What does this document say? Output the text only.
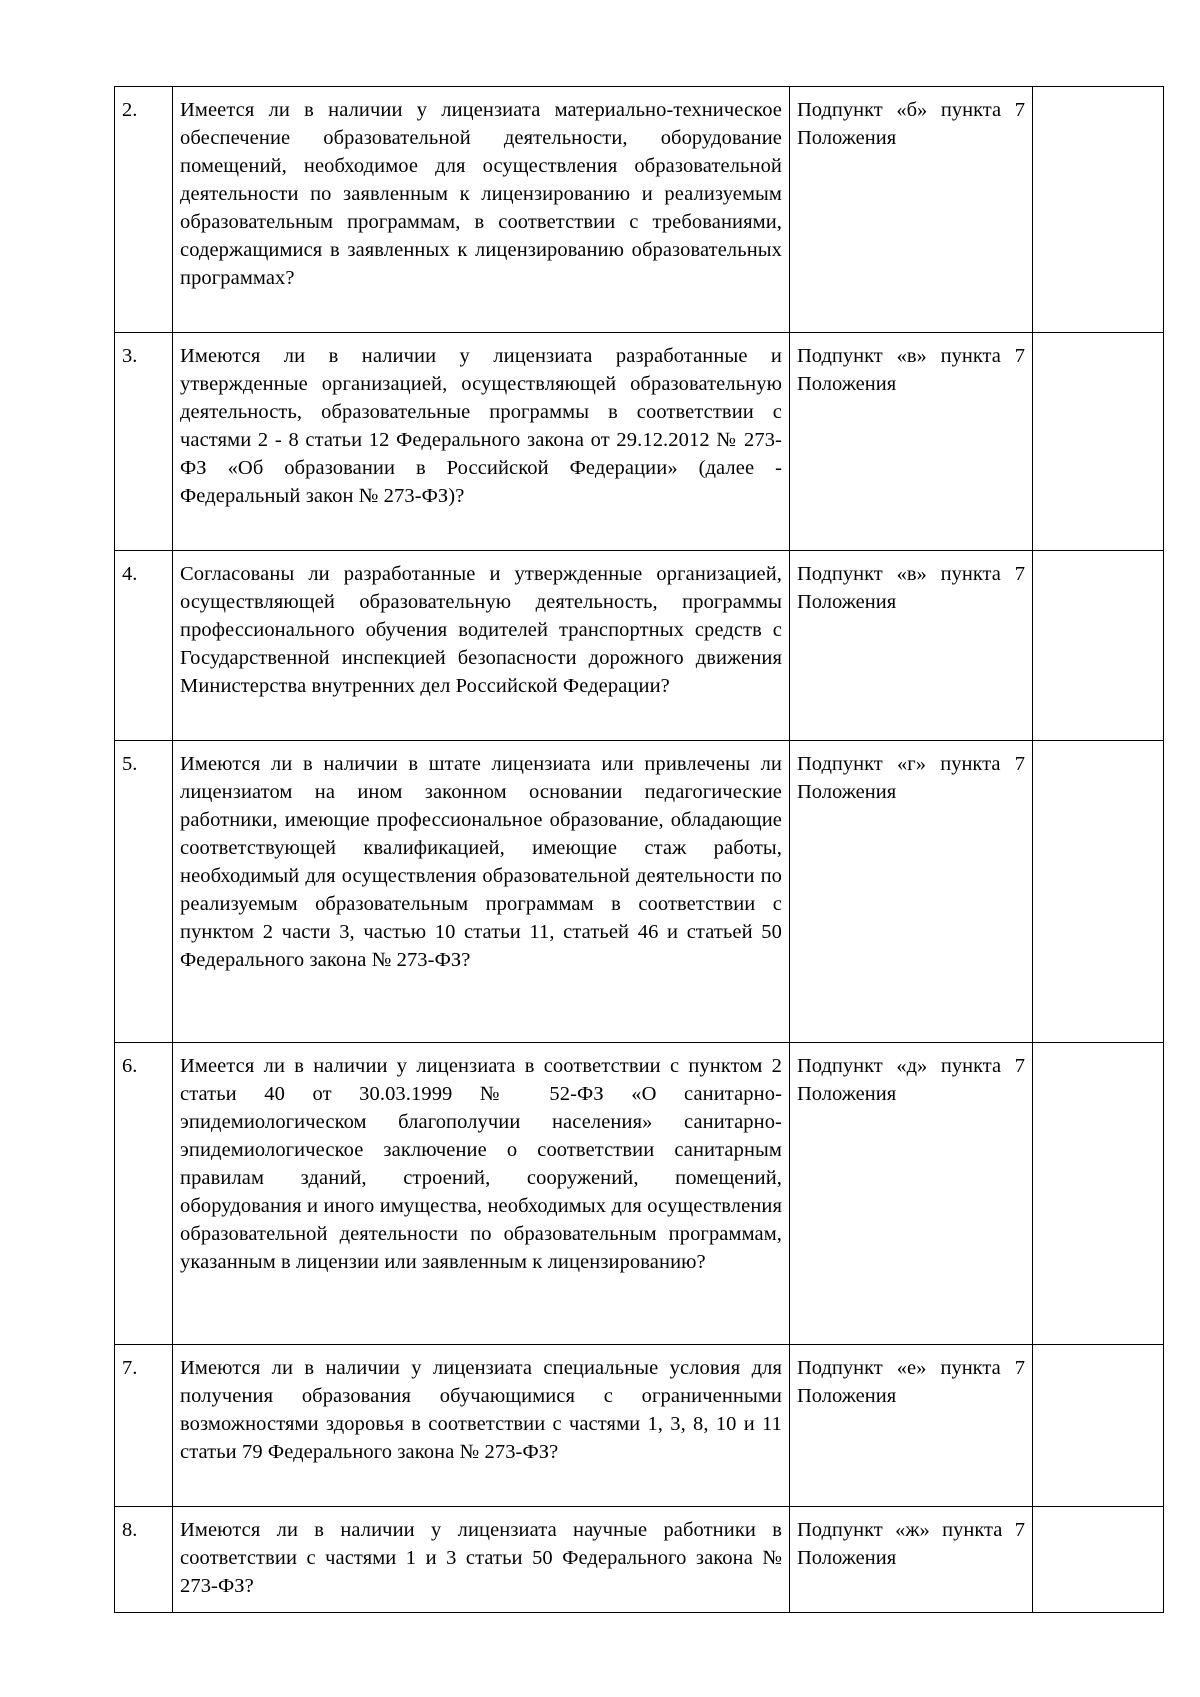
2.	Имеется ли в наличии у лицензиата материально-техническое обеспечение образовательной деятельности, оборудование помещений, необходимое для осуществления образовательной деятельности по заявленным к лицензированию и реализуемым образовательным программам, в соответствии с требованиями, содержащимися в заявленных к лицензированию образовательных программах?	Подпункт «б» пункта 7 Положения	
3.	Имеются ли в наличии у лицензиата разработанные и утвержденные организацией, осуществляющей образовательную деятельность, образовательные программы в соответствии с частями 2 - 8 статьи 12 Федерального закона от 29.12.2012 № 273-ФЗ «Об образовании в Российской Федерации» (далее - Федеральный закон № 273-ФЗ)?	Подпункт «в» пункта 7 Положения	
4.	Согласованы ли разработанные и утвержденные организацией, осуществляющей образовательную деятельность, программы профессионального обучения водителей транспортных средств с Государственной инспекцией безопасности дорожного движения Министерства внутренних дел Российской Федерации?	Подпункт «в» пункта 7 Положения	
5.	Имеются ли в наличии в штате лицензиата или привлечены ли лицензиатом на ином законном основании педагогические работники, имеющие профессиональное образование, обладающие соответствующей квалификацией, имеющие стаж работы, необходимый для осуществления образовательной деятельности по реализуемым образовательным программам в соответствии с пунктом 2 части 3, частью 10 статьи 11, статьей 46 и статьей 50 Федерального закона № 273-ФЗ?	Подпункт «г» пункта 7 Положения	
6.	Имеется ли в наличии у лицензиата в соответствии с пунктом 2 статьи 40 от 30.03.1999 № 52-ФЗ «О санитарно-эпидемиологическом благополучии населения» санитарно-эпидемиологическое заключение о соответствии санитарным правилам зданий, строений, сооружений, помещений, оборудования и иного имущества, необходимых для осуществления образовательной деятельности по образовательным программам, указанным в лицензии или заявленным к лицензированию?	Подпункт «д» пункта 7 Положения	
7.	Имеются ли в наличии у лицензиата специальные условия для получения образования обучающимися с ограниченными возможностями здоровья в соответствии с частями 1, 3, 8, 10 и 11 статьи 79 Федерального закона № 273-ФЗ?	Подпункт «е» пункта 7 Положения	
8.	Имеются ли в наличии у лицензиата научные работники в соответствии с частями 1 и 3 статьи 50 Федерального закона № 273-ФЗ?	Подпункт «ж» пункта 7 Положения	
